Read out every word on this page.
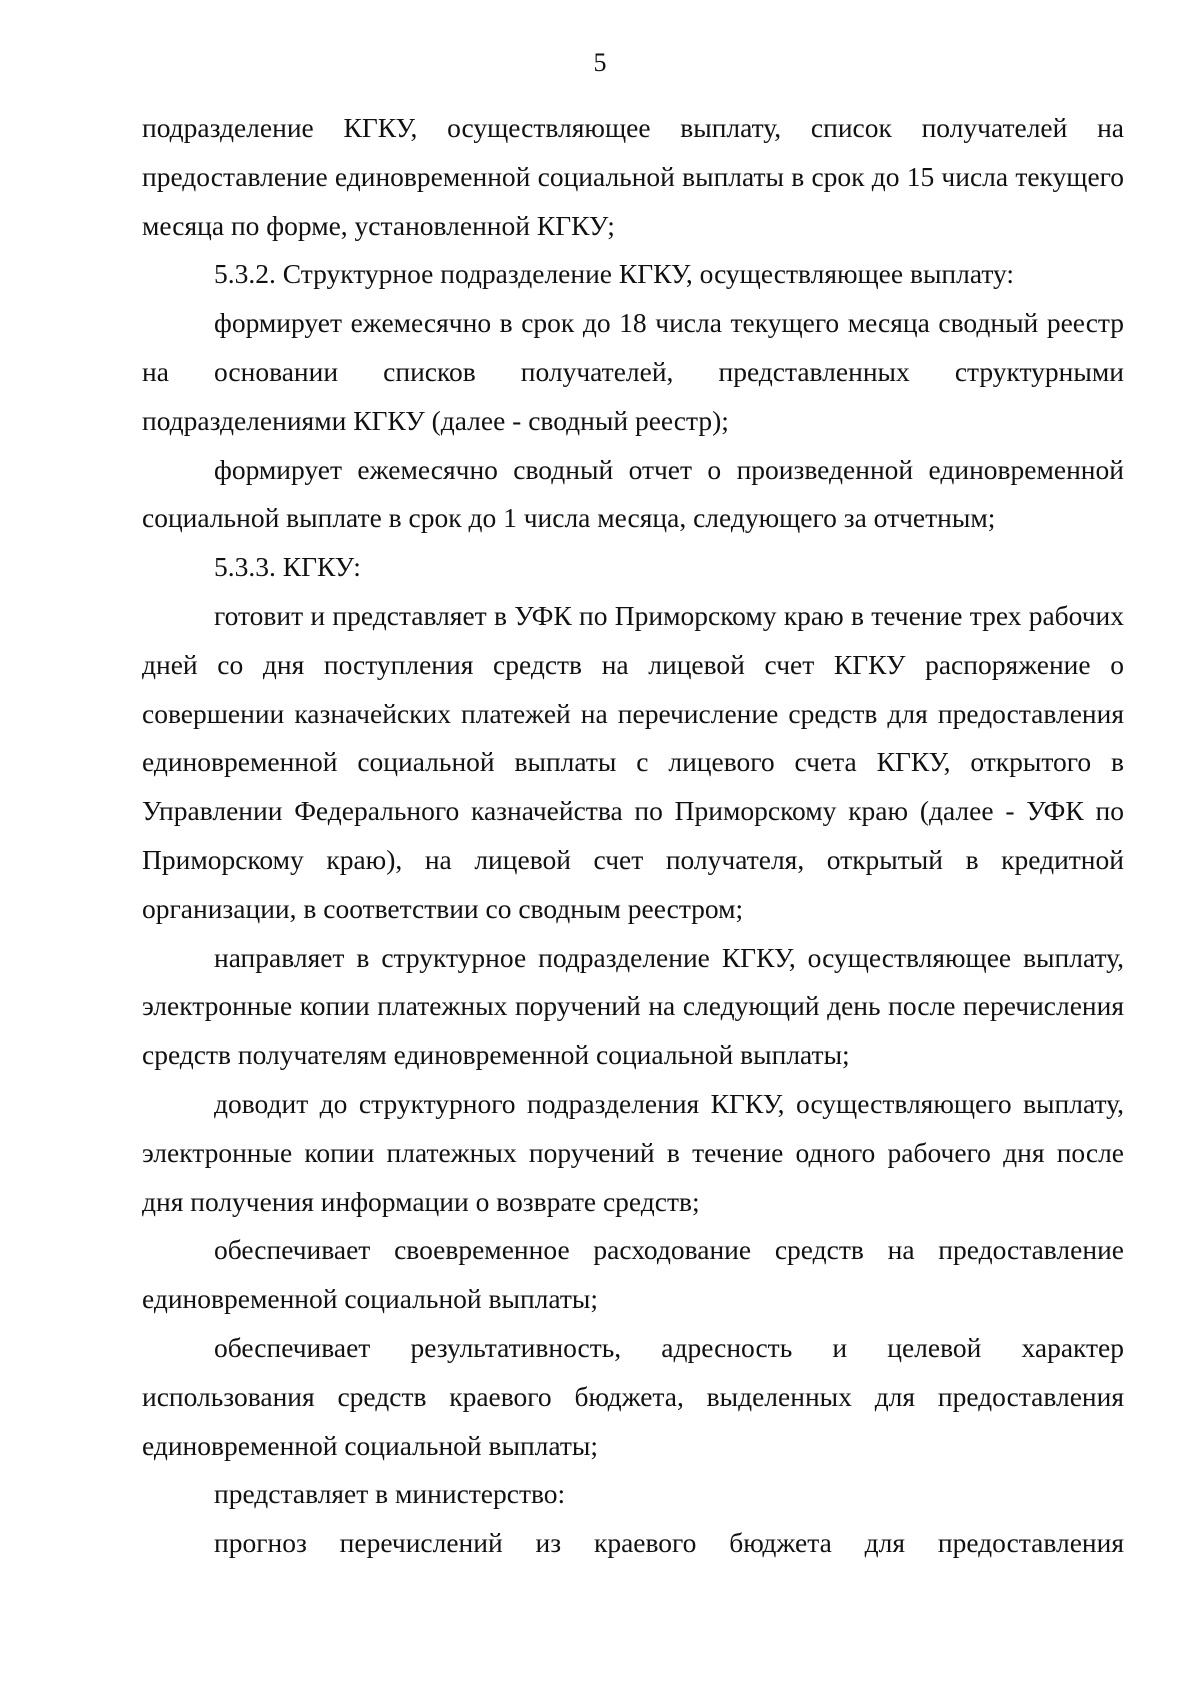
5

подразделение КГКУ, осуществляющее выплату, список получателей на предоставление единовременной социальной выплаты в срок до 15 числа текущего месяца по форме, установленной КГКУ;

5.3.2. Структурное подразделение КГКУ, осуществляющее выплату:

формирует ежемесячно в срок до 18 числа текущего месяца сводный реестр на основании списков получателей, представленных структурными подразделениями КГКУ (далее - сводный реестр);

формирует ежемесячно сводный отчет о произведенной единовременной социальной выплате в срок до 1 числа месяца, следующего за отчетным;

5.3.3. КГКУ:

готовит и представляет в УФК по Приморскому краю в течение трех рабочих дней со дня поступления средств на лицевой счет КГКУ распоряжение о совершении казначейских платежей на перечисление средств для предоставления единовременной социальной выплаты с лицевого счета КГКУ, открытого в Управлении Федерального казначейства по Приморскому краю (далее - УФК по Приморскому краю), на лицевой счет получателя, открытый в кредитной организации, в соответствии со сводным реестром;

направляет в структурное подразделение КГКУ, осуществляющее выплату, электронные копии платежных поручений на следующий день после перечисления средств получателям единовременной социальной выплаты;

доводит до структурного подразделения КГКУ, осуществляющего выплату, электронные копии платежных поручений в течение одного рабочего дня после дня получения информации о возврате средств;

обеспечивает своевременное расходование средств на предоставление единовременной социальной выплаты;

обеспечивает результативность, адресность и целевой характер использования средств краевого бюджета, выделенных для предоставления единовременной социальной выплаты;

представляет в министерство:

прогноз перечислений из краевого бюджета для предоставления
